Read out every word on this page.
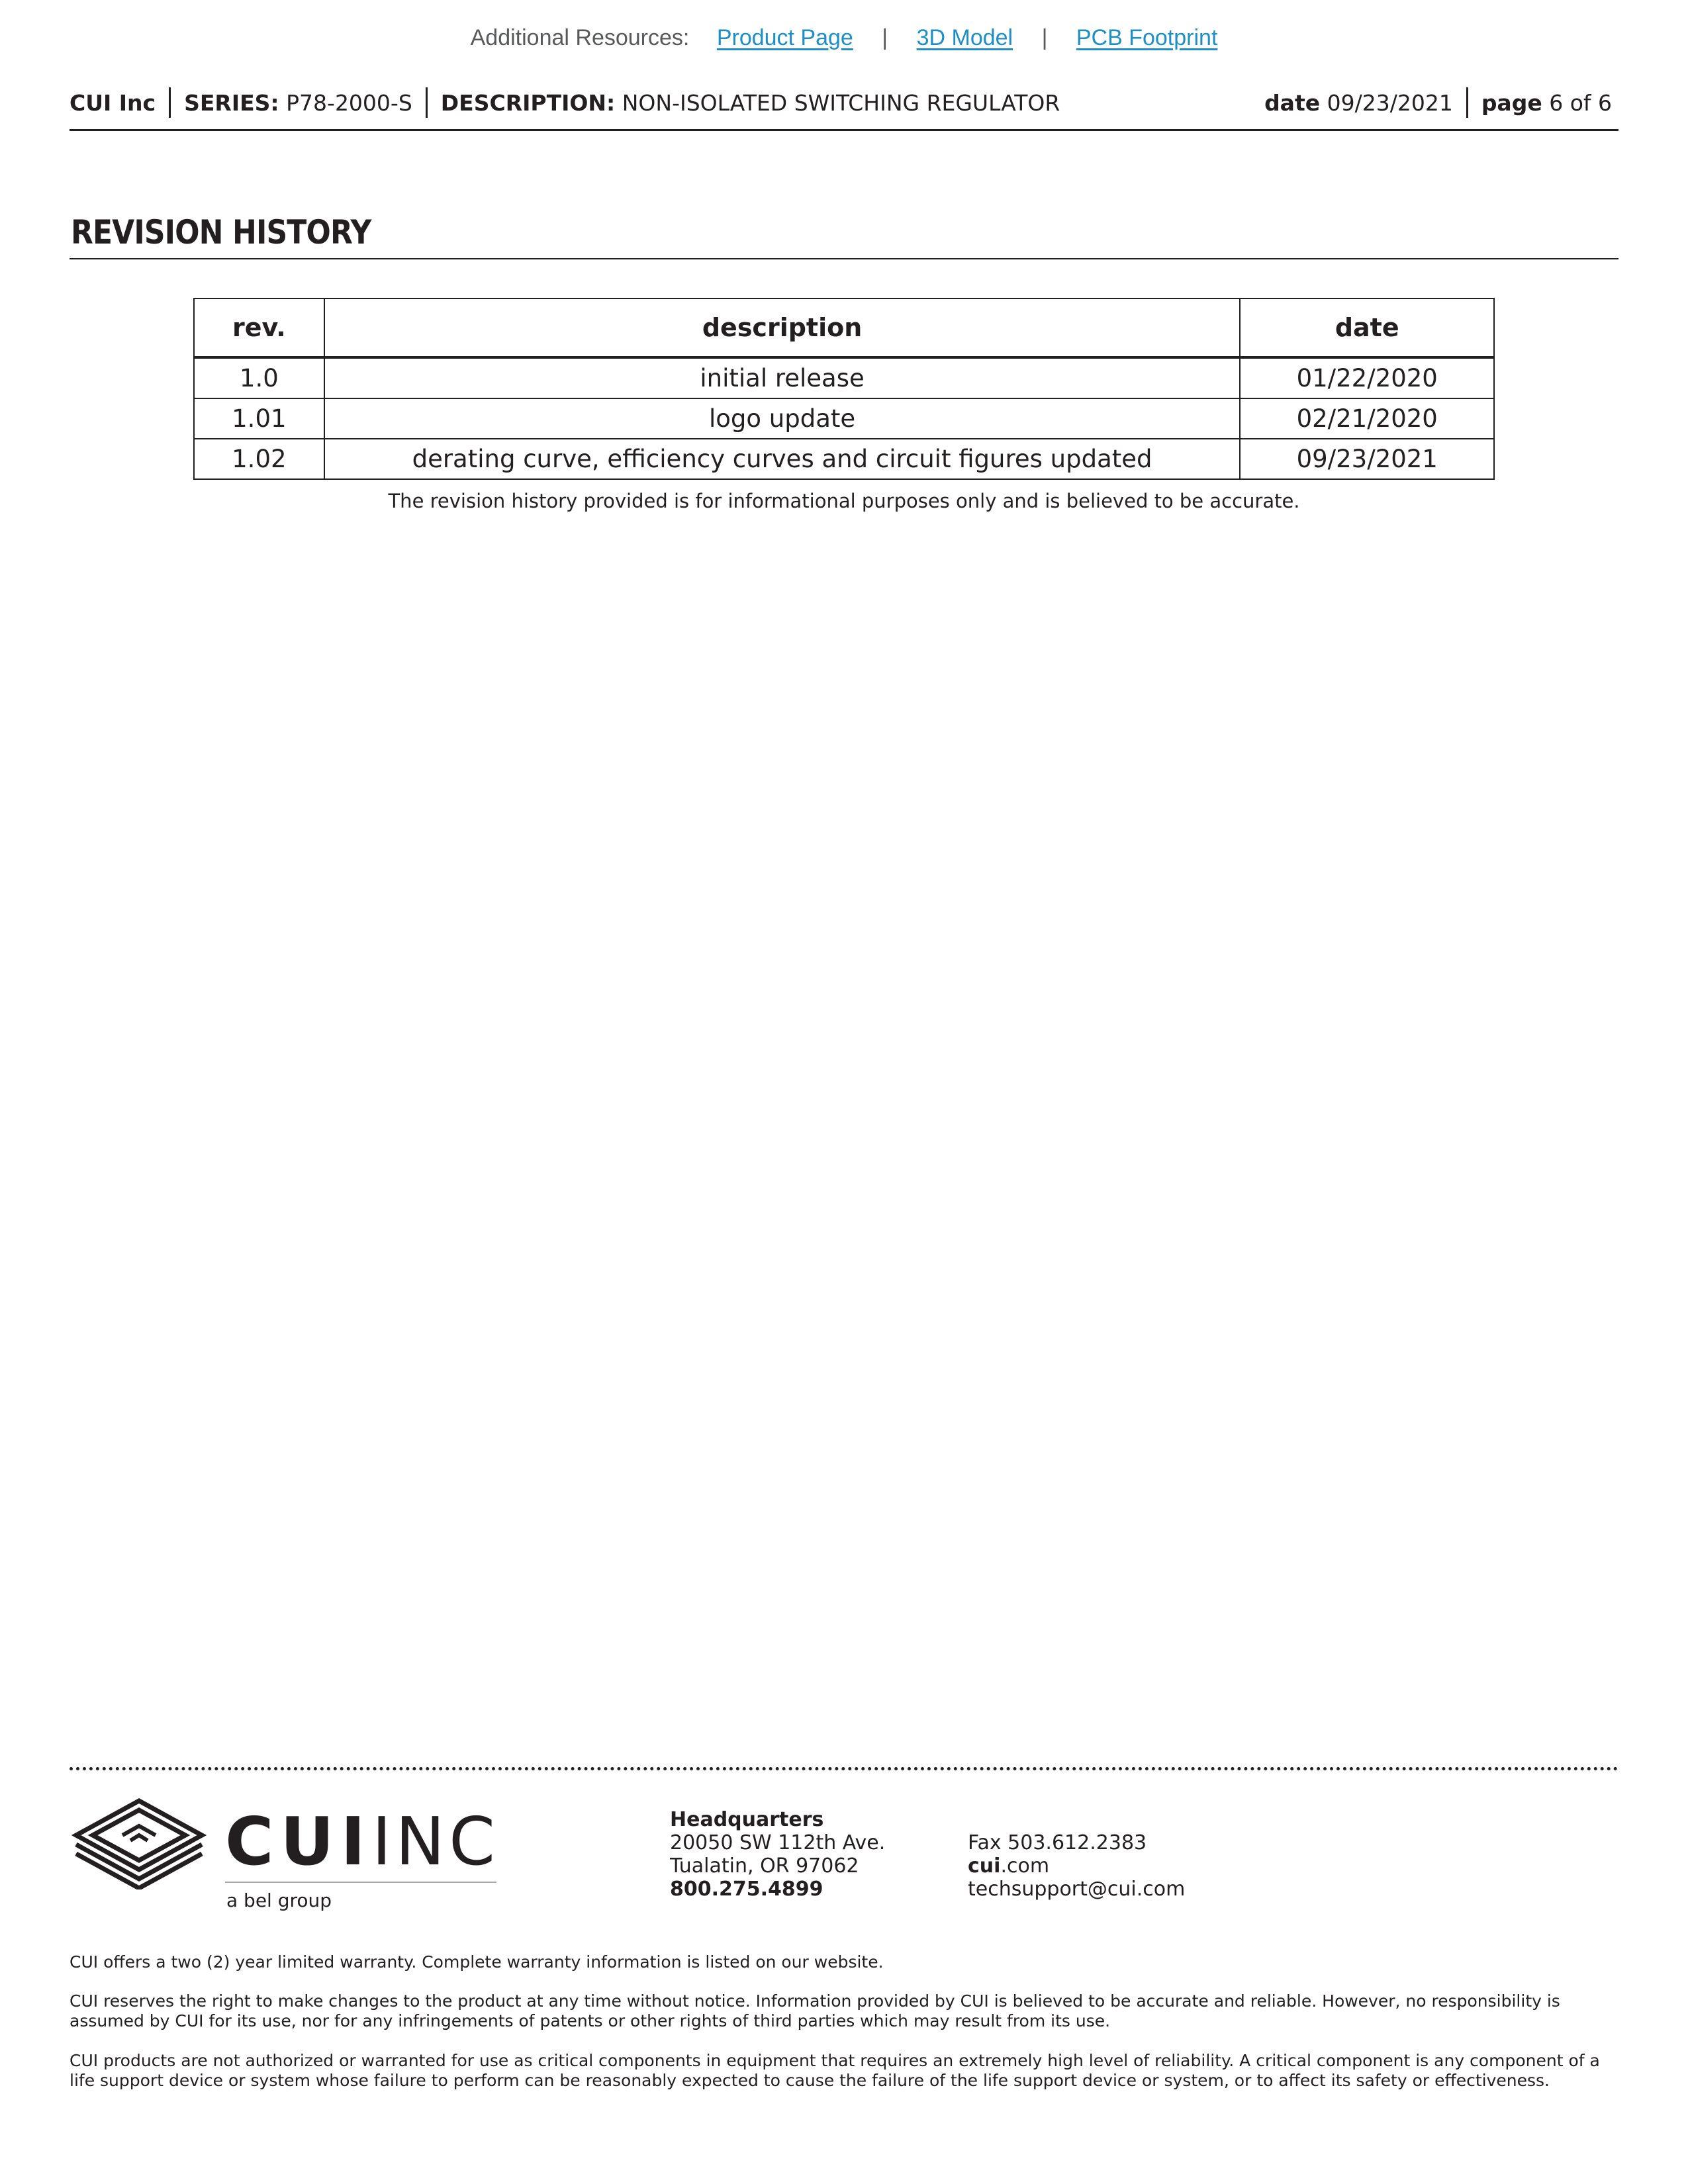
Additional Resources: Product Page | 3D Model | PCB Footprint
CUI Inc SERIES:
P78-2000-S DESCRIPTION:
NON-ISOLATED SWITCHING REGULATOR	date
09/23/2021 page
6 of 6
REVISION HISTORY
rev.	description	date
1.0	initial release	01/22/2020
1.01	logo update	02/21/2020
1.02	derating curve, efficiency curves and circuit figures updated	09/23/2021
The revision history provided is for informational purposes only and is believed to be accurate.
CUIINC
a bel group
Headquarters
20050 SW 112th Ave.
Tualatin, OR 97062
800.275.4899
Fax 503.612.2383
cui.com
techsupport@cui.com
CUI offers a two (2) year limited warranty. Complete warranty information is listed on our website.
CUI reserves the right to make changes to the product at any time without notice. Information provided by CUI is believed to be accurate and reliable. However, no responsibility is assumed by CUI for its use, nor for any infringements of patents or other rights of third parties which may result from its use.
CUI products are not authorized or warranted for use as critical components in equipment that requires an extremely high level of reliability. A critical component is any component of a life support device or system whose failure to perform can be reasonably expected to cause the failure of the life support device or system, or to affect its safety or effectiveness.
